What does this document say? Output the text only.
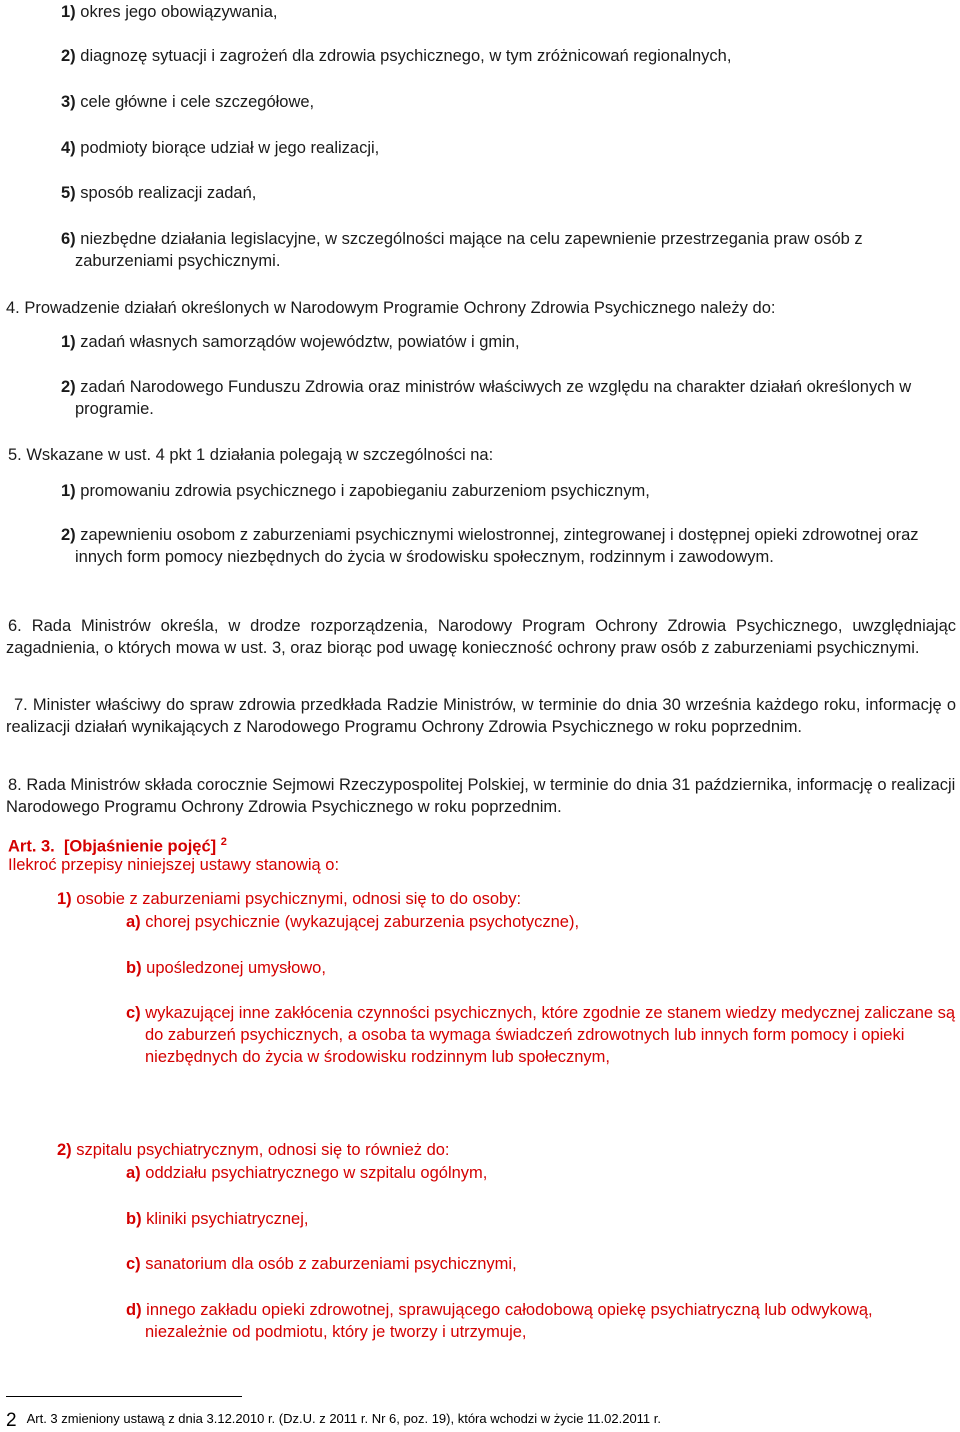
1) okres jego obowiązywania,
2) diagnozę sytuacji i zagrożeń dla zdrowia psychicznego, w tym zróżnicowań regionalnych,
3) cele główne i cele szczegółowe,
4) podmioty biorące udział w jego realizacji,
5) sposób realizacji zadań,
6) niezbędne działania legislacyjne, w szczególności mające na celu zapewnienie przestrzegania praw osób z zaburzeniami psychicznymi.
4. Prowadzenie działań określonych w Narodowym Programie Ochrony Zdrowia Psychicznego należy do:
1) zadań własnych samorządów województw, powiatów i gmin,
2) zadań Narodowego Funduszu Zdrowia oraz ministrów właściwych ze względu na charakter działań określonych w programie.
5. Wskazane w ust. 4 pkt 1 działania polegają w szczególności na:
1) promowaniu zdrowia psychicznego i zapobieganiu zaburzeniom psychicznym,
2) zapewnieniu osobom z zaburzeniami psychicznymi wielostronnej, zintegrowanej i dostępnej opieki zdrowotnej oraz innych form pomocy niezbędnych do życia w środowisku społecznym, rodzinnym i zawodowym.
6. Rada Ministrów określa, w drodze rozporządzenia, Narodowy Program Ochrony Zdrowia Psychicznego, uwzględniając zagadnienia, o których mowa w ust. 3, oraz biorąc pod uwagę konieczność ochrony praw osób z zaburzeniami psychicznymi.
7. Minister właściwy do spraw zdrowia przedkłada Radzie Ministrów, w terminie do dnia 30 września każdego roku, informację o realizacji działań wynikających z Narodowego Programu Ochrony Zdrowia Psychicznego w roku poprzednim.
8. Rada Ministrów składa corocznie Sejmowi Rzeczypospolitej Polskiej, w terminie do dnia 31 października, informację o realizacji Narodowego Programu Ochrony Zdrowia Psychicznego w roku poprzednim.
Art. 3. [Objaśnienie pojęć] $^2$
Ilekroć przepisy niniejszej ustawy stanowią o:
1) osobie z zaburzeniami psychicznymi, odnosi się to do osoby:
a) chorej psychicznie (wykazującej zaburzenia psychotyczne),
b) upośledzonej umysłowo,
c) wykazującej inne zakłócenia czynności psychicznych, które zgodnie ze stanem wiedzy medycznej zaliczane są do zaburzeń psychicznych, a osoba ta wymaga świadczeń zdrowotnych lub innych form pomocy i opieki niezbędnych do życia w środowisku rodzinnym lub społecznym,
2) szpitalu psychiatrycznym, odnosi się to również do:
a) oddziału psychiatrycznego w szpitalu ogólnym,
b) kliniki psychiatrycznej,
c) sanatorium dla osób z zaburzeniami psychicznymi,
d) innego zakładu opieki zdrowotnej, sprawującego całodobową opiekę psychiatryczną lub odwykową, niezależnie od podmiotu, który je tworzy i utrzymuje,
2 Art. 3 zmieniony ustawą z dnia 3.12.2010 r. (Dz.U. z 2011 r. Nr 6, poz. 19), która wchodzi w życie 11.02.2011 r.
